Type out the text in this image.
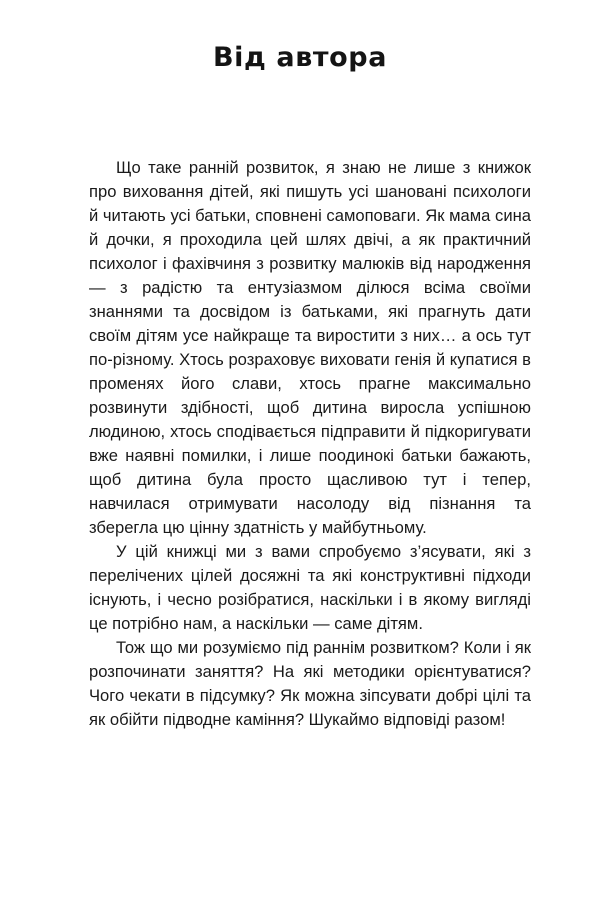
Від автора

Що таке ранній розвиток, я знаю не лише з книжок про виховання дітей, які пишуть усі шановані психологи й читають усі батьки, сповнені самоповаги. Як мама сина й дочки, я проходила цей шлях двічі, а як практичний психолог і фахівчиня з розвитку малюків від народження — з радістю та ентузіазмом ділюся всіма своїми знаннями та досвідом із батьками, які прагнуть дати своїм дітям усе найкраще та виростити з них… а ось тут по-різному. Хтось розраховує виховати генія й купатися в променях його слави, хтось прагне максимально розвинути здібності, щоб дитина виросла успішною людиною, хтось сподівається підправити й підкоригувати вже наявні помилки, і лише поодинокі батьки бажають, щоб дитина була просто щасливою тут і тепер, навчилася отримувати насолоду від пізнання та зберегла цю цінну здатність у майбутньому.

У цій книжці ми з вами спробуємо з’ясувати, які з перелічених цілей досяжні та які конструктивні підходи існують, і чесно розібратися, наскільки і в якому вигляді це потрібно нам, а наскільки — саме дітям.

Тож що ми розуміємо під раннім розвитком? Коли і як розпочинати заняття? На які методики орієнтуватися? Чого чекати в підсумку? Як можна зіпсувати добрі цілі та як обійти підводне каміння? Шукаймо відповіді разом!
